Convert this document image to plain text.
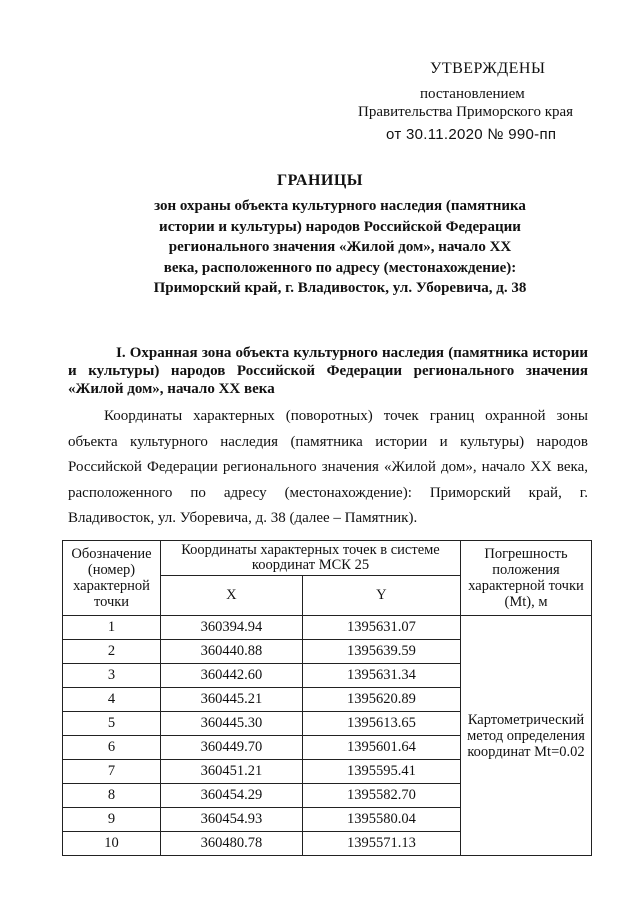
УТВЕРЖДЕНЫ
постановлением
Правительства Приморского края
от 30.11.2020 № 990-пп
ГРАНИЦЫ
зон охраны объекта культурного наследия (памятника истории и культуры) народов Российской Федерации регионального значения «Жилой дом», начало XX века, расположенного по адресу (местонахождение): Приморский край, г. Владивосток, ул. Уборевича, д. 38
I. Охранная зона объекта культурного наследия (памятника истории и культуры) народов Российской Федерации регионального значения «Жилой дом», начало XX века
Координаты характерных (поворотных) точек границ охранной зоны объекта культурного наследия (памятника истории и культуры) народов Российской Федерации регионального значения «Жилой дом», начало XX века, расположенного по адресу (местонахождение): Приморский край, г. Владивосток, ул. Уборевича, д. 38 (далее – Памятник).
Обозначение (номер) характерной точки	Координаты характерных точек в системе координат МСК 25		Погрешность положения характерной точки (Mt), м
	X	Y	
1	360394.94	1395631.07	Картометрический метод определения координат Mt=0.02
2	360440.88	1395639.59	
3	360442.60	1395631.34	
4	360445.21	1395620.89	
5	360445.30	1395613.65	
6	360449.70	1395601.64	
7	360451.21	1395595.41	
8	360454.29	1395582.70	
9	360454.93	1395580.04	
10	360480.78	1395571.13	
